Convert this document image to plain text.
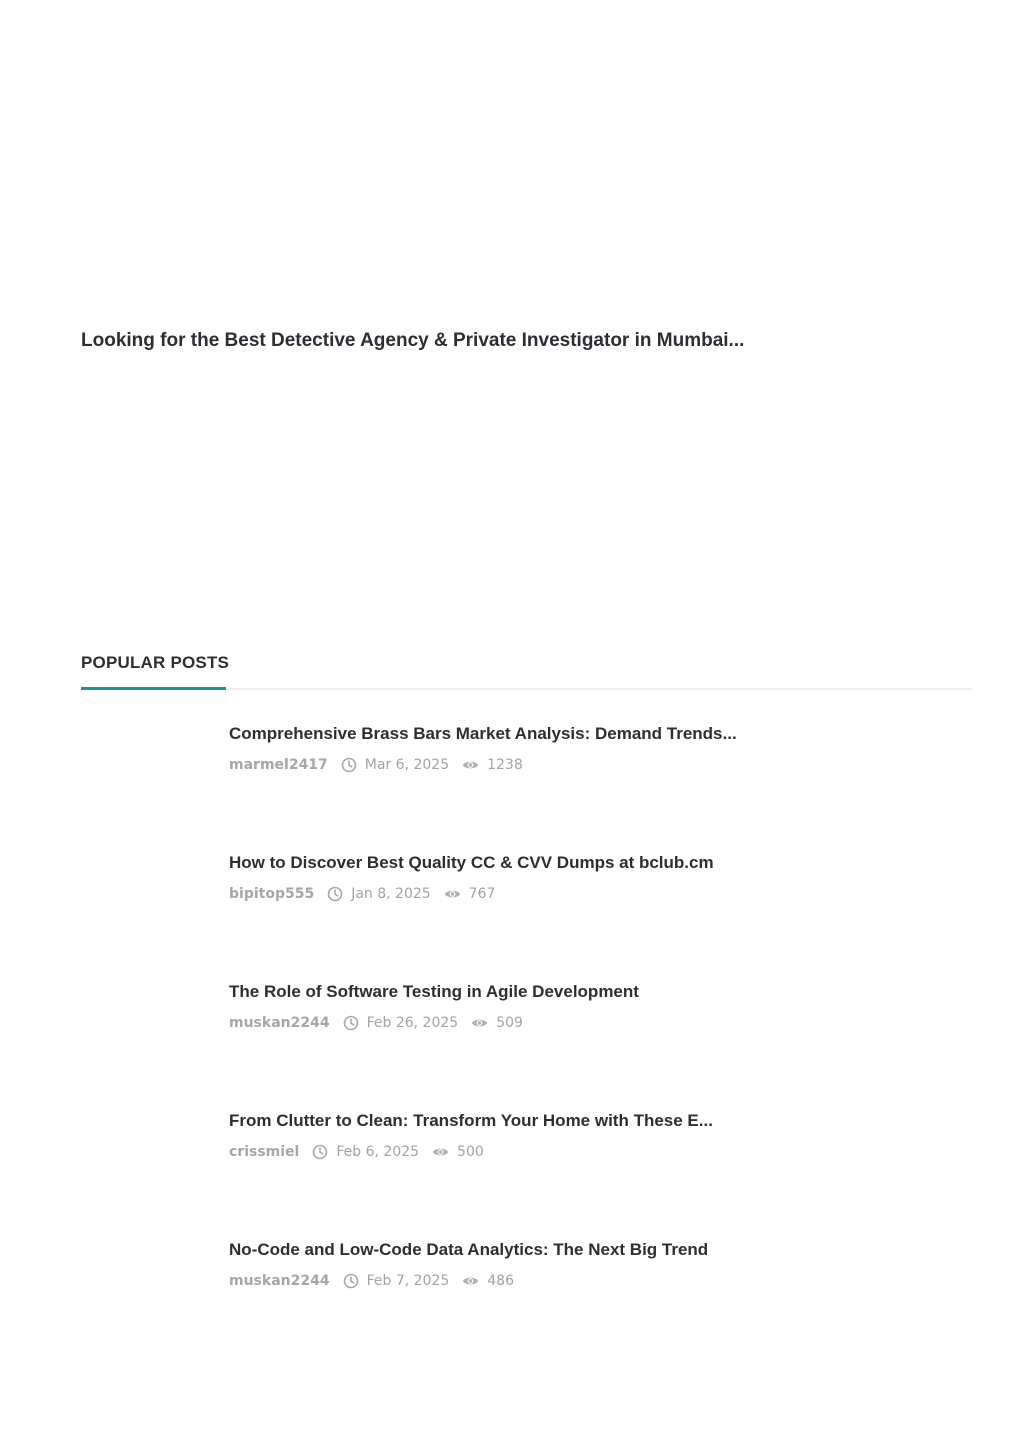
Looking for the Best Detective Agency & Private Investigator in Mumbai...
POPULAR POSTS
Comprehensive Brass Bars Market Analysis: Demand Trends...
marmel2417	Mar 6, 2025	1238
How to Discover Best Quality CC & CVV Dumps at bclub.cm
bipitop555	Jan 8, 2025	767
The Role of Software Testing in Agile Development
muskan2244	Feb 26, 2025	509
From Clutter to Clean: Transform Your Home with These E...
crissmiel	Feb 6, 2025	500
No-Code and Low-Code Data Analytics: The Next Big Trend
muskan2244	Feb 7, 2025	486
